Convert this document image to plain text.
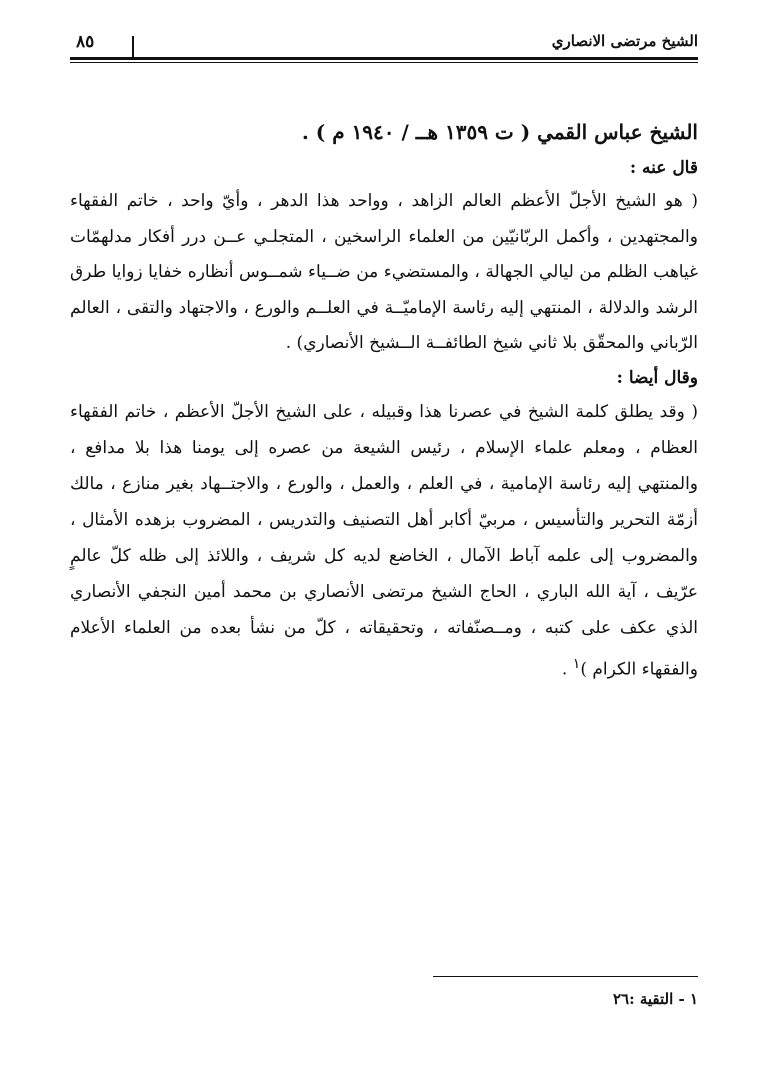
الشيخ مرتضى الانصاري
٨٥

الشيخ عباس القمي ( ت ١٣٥٩ هــ / ١٩٤٠ م ) .

قال عنه :

( هو الشيخ الأجلّ الأعظم العالم الزاهد ، وواحد هذا الدهر ، وأيّ واحد ، خاتم الفقهاء والمجتهدين ، وأكمل الربّانيّين من العلماء الراسخين ، المتجلـي عــن درر أفكار مدلهمّات غياهب الظلم من ليالي الجهالة ، والمستضيء من ضــياء شمــوس أنظاره خفايا زوايا طرق الرشد والدلالة ، المنتهي إليه رئاسة الإماميّــة في العلــم والورع ، والاجتهاد والتقى ، العالم الرّباني والمحقّق بلا ثاني شيخ الطائفــة الــشيخ الأنصاري) .

وقال أيضا :

( وقد يطلق كلمة الشيخ في عصرنا هذا وقبيله ، على الشيخ الأجلّ الأعظم ، خاتم الفقهاء العظام ، ومعلم علماء الإسلام ، رئيس الشيعة من عصره إلى يومنا هذا بلا مدافع ، والمنتهي إليه رئاسة الإمامية ، في العلم ، والعمل ، والورع ، والاجتــهاد بغير منازع ، مالك أزمّة التحرير والتأسيس ، مربيّ أكابر أهل التصنيف والتدريس ، المضروب بزهده الأمثال ، والمضروب إلى علمه آباط الآمال ، الخاضع لديه كل شريف ، واللائذ إلى ظله كلّ عالمٍ عرّيف ، آية الله الباري ، الحاج الشيخ مرتضى الأنصاري بن محمد أمين النجفي الأنصاري الذي عكف على كتبه ، ومــصنّفاته ، وتحقيقاته ، كلّ من نشأ بعده من العلماء الأعلام والفقهاء الكرام )$^١$ .

١ - التقية :٢٦
